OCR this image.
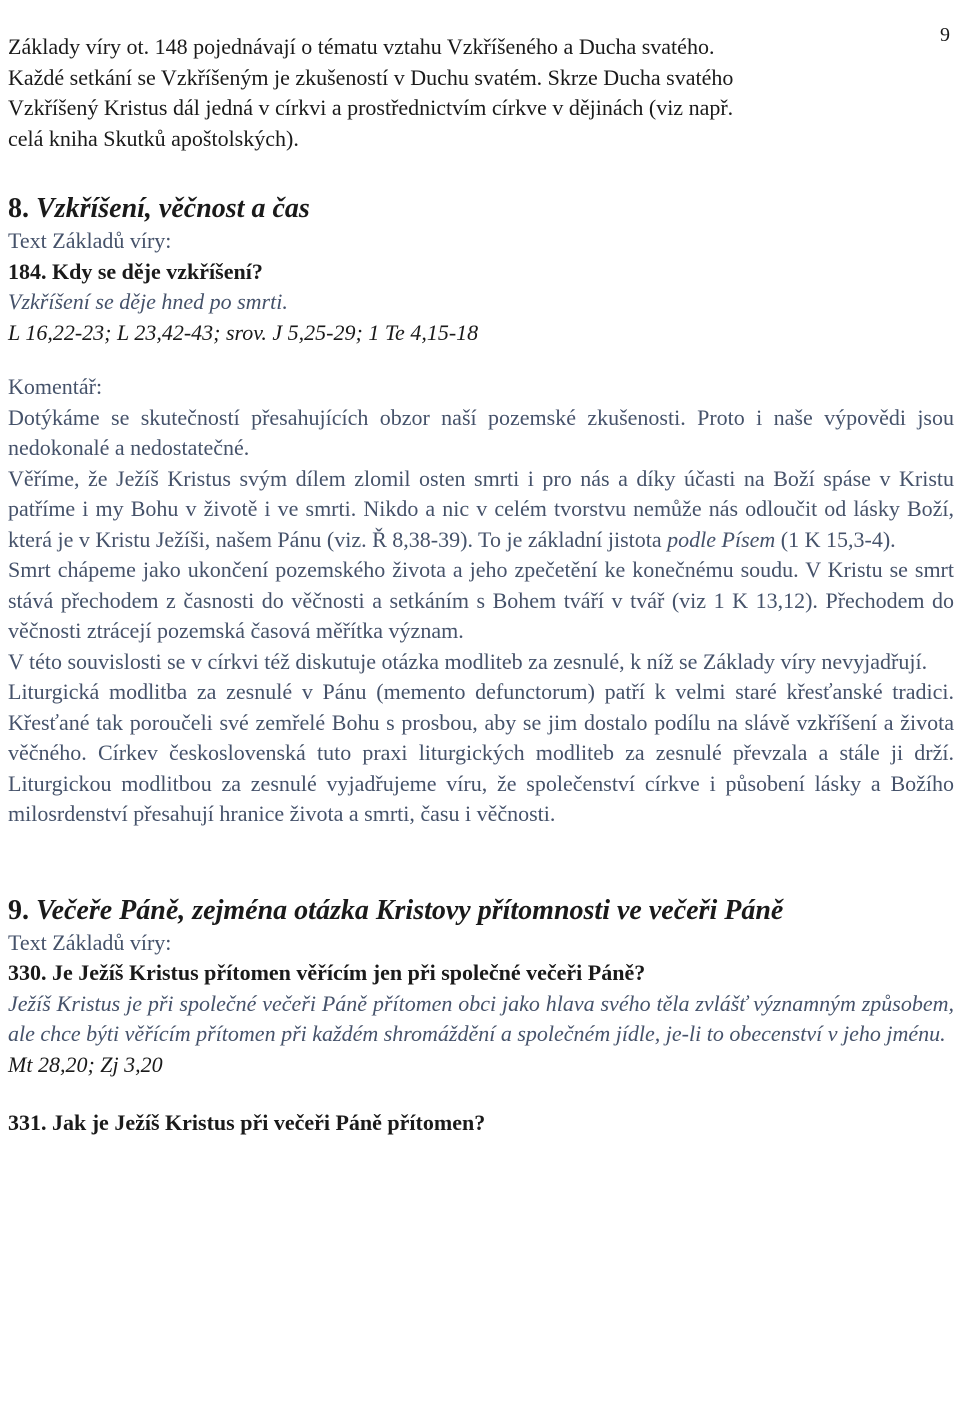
9
Základy víry ot. 148 pojednávají o tématu vztahu Vzkříšeného a Ducha svatého.
Každé setkání se Vzkříšeným je zkušeností v Duchu svatém. Skrze Ducha svatého
Vzkříšený Kristus dál jedná v církvi a prostřednictvím církve v dějinách (viz např.
celá kniha Skutků apoštolských).
8. Vzkříšení, věčnost a čas
Text Základů víry:
184. Kdy se děje vzkříšení?
Vzkříšení se děje hned po smrti.
L 16,22-23; L 23,42-43; srov. J 5,25-29; 1 Te 4,15-18
Komentář:

Dotýkáme se skutečností přesahujících obzor naší pozemské zkušenosti. Proto i naše výpovědi jsou nedokonalé a nedostatečné.

Věříme, že Ježíš Kristus svým dílem zlomil osten smrti i pro nás a díky účasti na Boží spáse v Kristu patříme i my Bohu v životě i ve smrti. Nikdo a nic v celém tvorstvu nemůže nás odloučit od lásky Boží, která je v Kristu Ježíši, našem Pánu (viz. Ř 8,38-39). To je základní jistota podle Písem (1 K 15,3-4).

Smrt chápeme jako ukončení pozemského života a jeho zpečetění ke konečnému soudu. V Kristu se smrt stává přechodem z časnosti do věčnosti a setkáním s Bohem tváří v tvář (viz 1 K 13,12). Přechodem do věčnosti ztrácejí pozemská časová měřítka význam.

V této souvislosti se v církvi též diskutuje otázka modliteb za zesnulé, k níž se Základy víry nevyjadřují.

Liturgická modlitba za zesnulé v Pánu (memento defunctorum) patří k velmi staré křesťanské tradici. Křesťané tak poroučeli své zemřelé Bohu s prosbou, aby se jim dostalo podílu na slávě vzkříšení a života věčného. Církev československá tuto praxi liturgických modliteb za zesnulé převzala a stále ji drží. Liturgickou modlitbou za zesnulé vyjadřujeme víru, že společenství církve i působení lásky a Božího milosrdenství přesahují hranice života a smrti, času i věčnosti.

9. Večeře Páně, zejména otázka Kristovy přítomnosti ve večeři Páně
Text Základů víry:
330. Je Ježíš Kristus přítomen věřícím jen při společné večeři Páně?

Ježíš Kristus je při společné večeři Páně přítomen obci jako hlava svého těla zvlášť významným způsobem, ale chce býti věřícím přítomen při každém shromáždění a společném jídle, je-li to obecenství v jeho jménu.

Mt 28,20; Zj 3,20
331. Jak je Ježíš Kristus při večeři Páně přítomen?
